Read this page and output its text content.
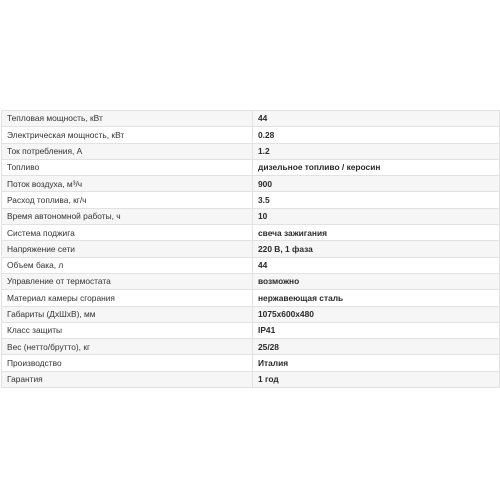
Тепловая мощность, кВт	44
Электрическая мощность, кВт	0.28
Ток потребления, А	1.2
Топливо	дизельное топливо / керосин
Поток воздуха, м³/ч	900
Расход топлива, кг/ч	3.5
Время автономной работы, ч	10
Система поджига	свеча зажигания
Напряжение сети	220 В, 1 фаза
Объем бака, л	44
Управление от термостата	возможно
Материал камеры сгорания	нержавеющая сталь
Габариты (ДхШхВ), мм	1075x600x480
Класс защиты	IP41
Вес (нетто/брутто), кг	25/28
Производство	Италия
Гарантия	1 год
